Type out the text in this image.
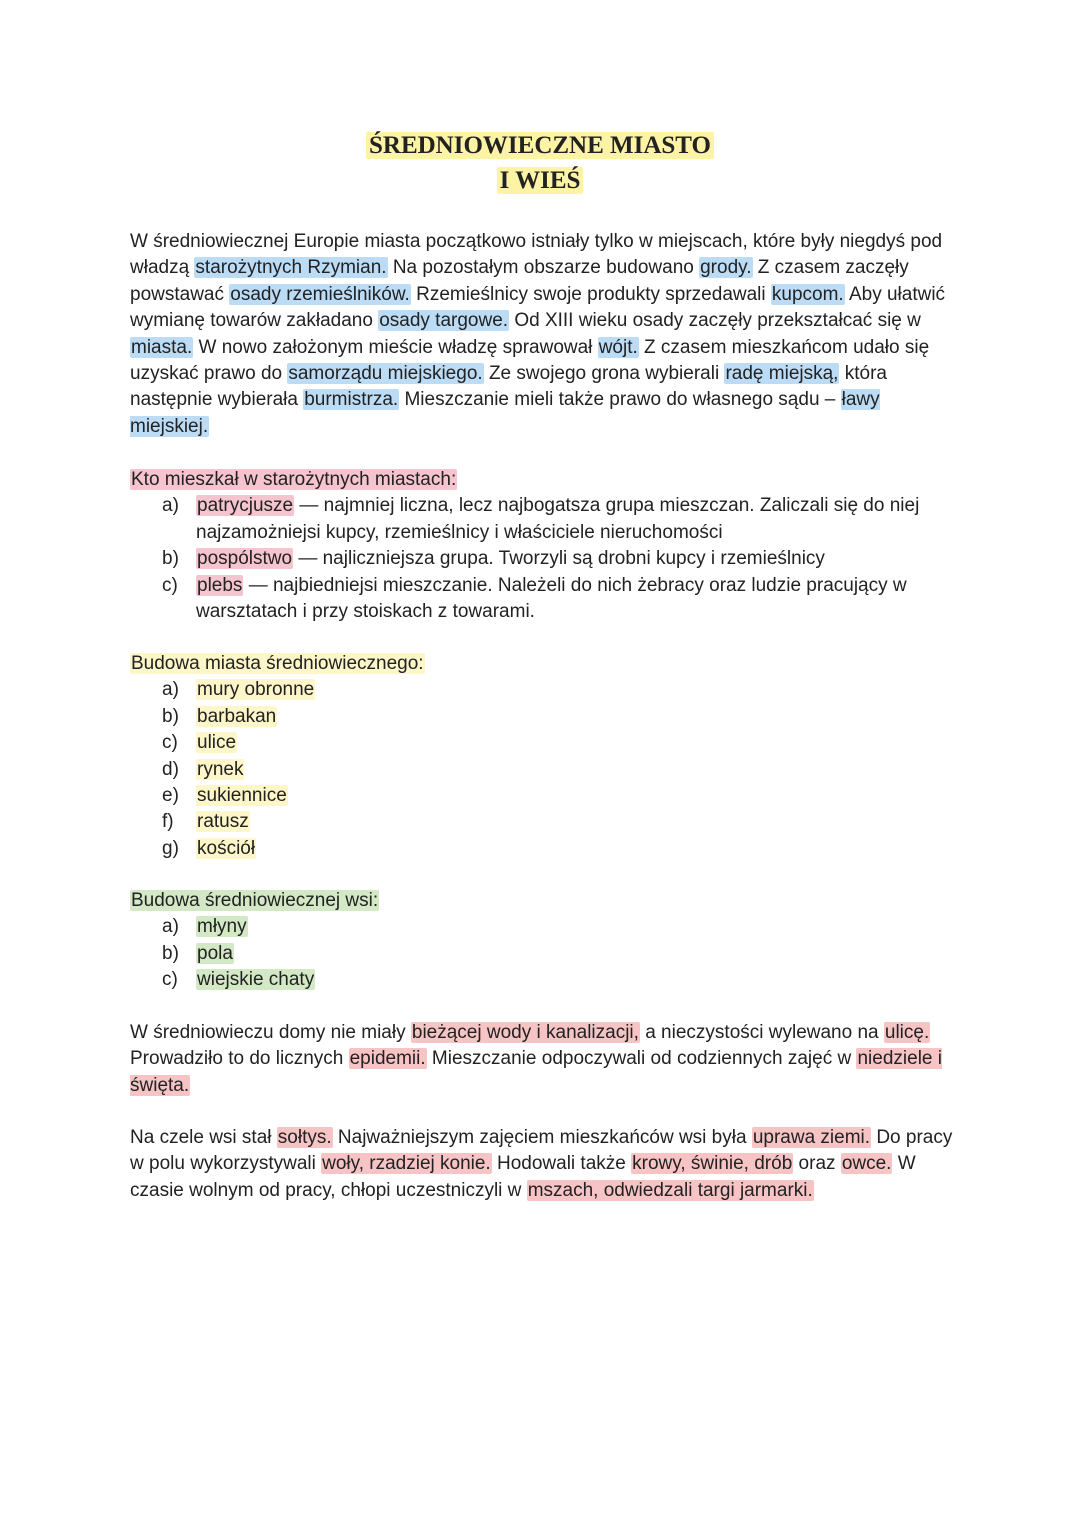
ŚREDNIOWIECZNE MIASTO
I WIEŚ
W średniowiecznej Europie miasta początkowo istniały tylko w miejscach, które były niegdyś pod władzą starożytnych Rzymian. Na pozostałym obszarze budowano grody. Z czasem zaczęły powstawać osady rzemieślników. Rzemieślnicy swoje produkty sprzedawali kupcom. Aby ułatwić wymianę towarów zakładano osady targowe. Od XIII wieku osady zaczęły przekształcać się w miasta. W nowo założonym mieście władzę sprawował wójt. Z czasem mieszkańcom udało się uzyskać prawo do samorządu miejskiego. Ze swojego grona wybierali radę miejską, która następnie wybierała burmistrza. Mieszczanie mieli także prawo do własnego sądu – ławy miejskiej.
Kto mieszkał w starożytnych miastach:
a) patrycjusze — najmniej liczna, lecz najbogatsza grupa mieszczan. Zaliczali się do niej najzamożniejsi kupcy, rzemieślnicy i właściciele nieruchomości
b) pospólstwo — najliczniejsza grupa. Tworzyli są drobni kupcy i rzemieślnicy
c) plebs — najbiedniejsi mieszczanie. Należeli do nich żebracy oraz ludzie pracujący w warsztatach i przy stoiskach z towarami.
Budowa miasta średniowiecznego:
a) mury obronne
b) barbakan
c) ulice
d) rynek
e) sukiennice
f) ratusz
g) kościół
Budowa średniowiecznej wsi:
a) młyny
b) pola
c) wiejskie chaty
W średniowieczu domy nie miały bieżącej wody i kanalizacji, a nieczystości wylewano na ulicę. Prowadziło to do licznych epidemii. Mieszczanie odpoczywali od codziennych zajęć w niedziele i święta.
Na czele wsi stał sołtys. Najważniejszym zajęciem mieszkańców wsi była uprawa ziemi. Do pracy w polu wykorzystywali woły, rzadziej konie. Hodowali także krowy, świnie, drób oraz owce. W czasie wolnym od pracy, chłopi uczestniczyli w mszach, odwiedzali targi jarmarki.
